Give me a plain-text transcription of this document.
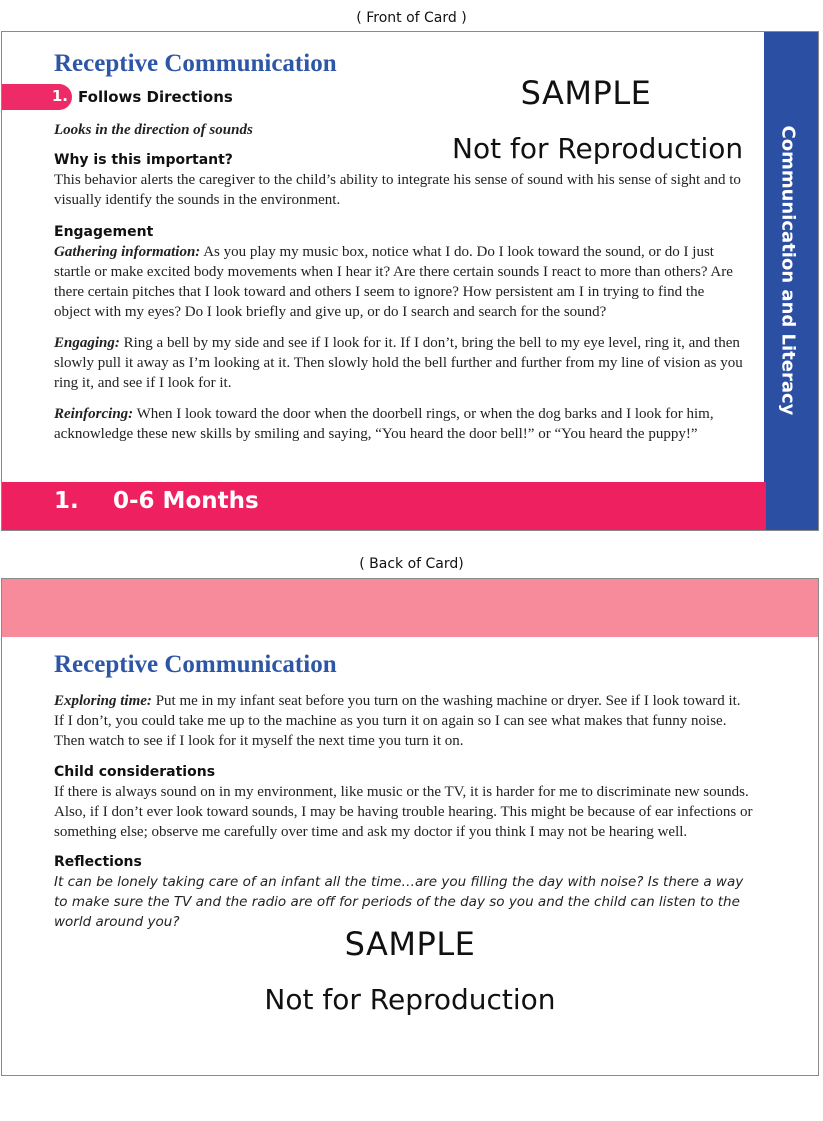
( Front of Card )
Communication and Literacy
Receptive Communication
1. Follows Directions	SAMPLE
Not for Reproduction

Looks in the direction of sounds

Why is this important?

This behavior alerts the caregiver to the child’s ability to integrate his sense of sound with his sense of sight and to visually identify the sounds in the environment.

Engagement

Gathering information: As you play my music box, notice what I do. Do I look toward the sound, or do I just startle or make excited body movements when I hear it? Are there certain sounds I react to more than others? Are there certain pitches that I look toward and others I seem to ignore? How persistent am I in trying to find the object with my eyes? Do I look briefly and give up, or do I search and search for the sound?

Engaging: Ring a bell by my side and see if I look for it. If I don’t, bring the bell to my eye level, ring it, and then slowly pull it away as I’m looking at it. Then slowly hold the bell further and further from my line of vision as you ring it, and see if I look for it.

Reinforcing: When I look toward the door when the doorbell rings, or when the dog barks and I look for him, acknowledge these new skills by smiling and saying, “You heard the door bell!” or “You heard the puppy!”

1. 0-6 Months
( Back of Card)
Receptive Communication

Exploring time: Put me in my infant seat before you turn on the washing machine or dryer. See if I look toward it. If I don’t, you could take me up to the machine as you turn it on again so I can see what makes that funny noise. Then watch to see if I look for it myself the next time you turn it on.

Child considerations

If there is always sound on in my environment, like music or the TV, it is harder for me to discriminate new sounds. Also, if I don’t ever look toward sounds, I may be having trouble hearing. This might be because of ear infections or something else; observe me carefully over time and ask my doctor if you think I may not be hearing well.

Reflections

It can be lonely taking care of an infant all the time…are you filling the day with noise? Is there a way to make sure the TV and the radio are off for periods of the day so you and the child can listen to the world around you?

SAMPLE
Not for Reproduction
